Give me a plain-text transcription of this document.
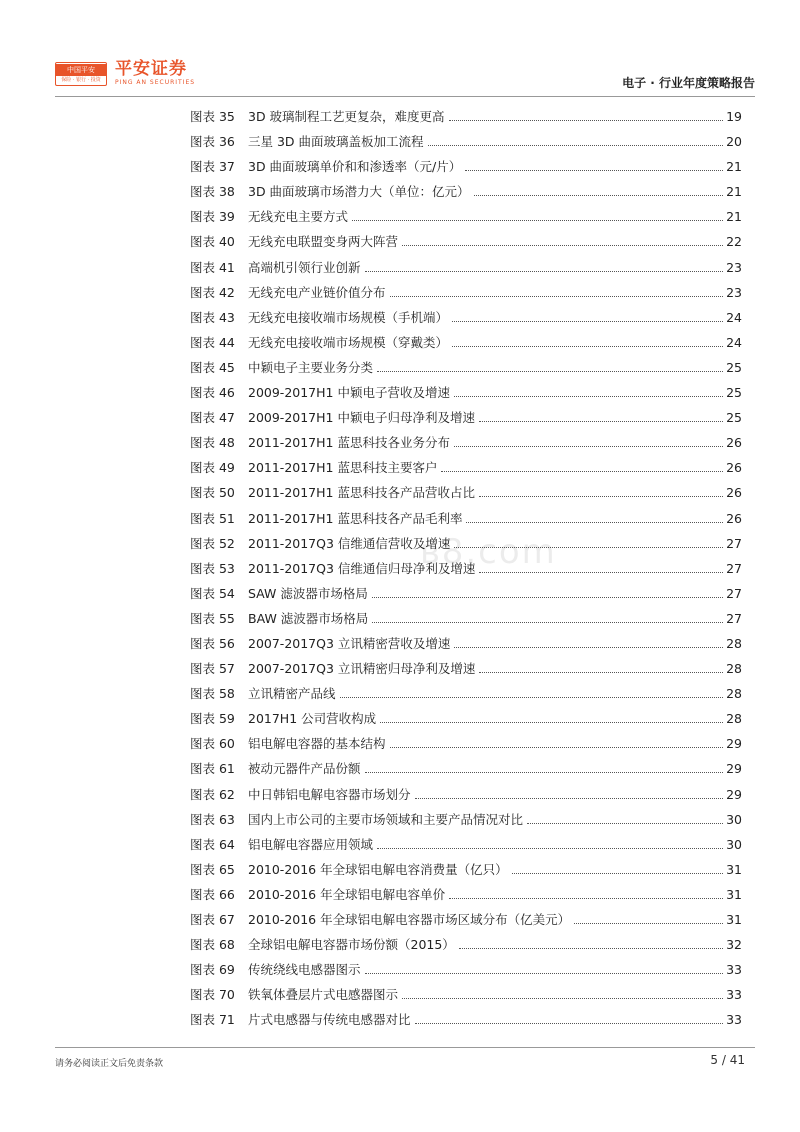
中国平安
保险 · 银行 · 投资
平安证券
PING AN SECURITIES	电子 · 行业年度策略报告
图表 35	3D 玻璃制程工艺更复杂，难度更高	19
图表 36	三星 3D 曲面玻璃盖板加工流程	20
图表 37	3D 曲面玻璃单价和和渗透率（元/片）	21
图表 38	3D 曲面玻璃市场潜力大（单位：亿元）	21
图表 39	无线充电主要方式	21
图表 40	无线充电联盟变身两大阵营	22
图表 41	高端机引领行业创新	23
图表 42	无线充电产业链价值分布	23
图表 43	无线充电接收端市场规模（手机端）	24
图表 44	无线充电接收端市场规模（穿戴类）	24
图表 45	中颖电子主要业务分类	25
图表 46	2009-2017H1 中颖电子营收及增速	25
图表 47	2009-2017H1 中颖电子归母净利及增速	25
图表 48	2011-2017H1 蓝思科技各业务分布	26
图表 49	2011-2017H1 蓝思科技主要客户	26
图表 50	2011-2017H1 蓝思科技各产品营收占比	26
图表 51	2011-2017H1 蓝思科技各产品毛利率	26
图表 52	2011-2017Q3 信维通信营收及增速	27
图表 53	2011-2017Q3 信维通信归母净利及增速	27
图表 54	SAW 滤波器市场格局	27
图表 55	BAW 滤波器市场格局	27
图表 56	2007-2017Q3 立讯精密营收及增速	28
图表 57	2007-2017Q3 立讯精密归母净利及增速	28
图表 58	立讯精密产品线	28
图表 59	2017H1 公司营收构成	28
图表 60	铝电解电容器的基本结构	29
图表 61	被动元器件产品份额	29
图表 62	中日韩铝电解电容器市场划分	29
图表 63	国内上市公司的主要市场领域和主要产品情况对比	30
图表 64	铝电解电容器应用领域	30
图表 65	2010-2016 年全球铝电解电容消费量（亿只）	31
图表 66	2010-2016 年全球铝电解电容单价	31
图表 67	2010-2016 年全球铝电解电容器市场区域分布（亿美元）	31
图表 68	全球铝电解电容器市场份额（2015）	32
图表 69	传统绕线电感器图示	33
图表 70	铁氧体叠层片式电感器图示	33
图表 71	片式电感器与传统电感器对比	33
ʙ8.com
请务必阅读正文后免责条款	5 / 41
